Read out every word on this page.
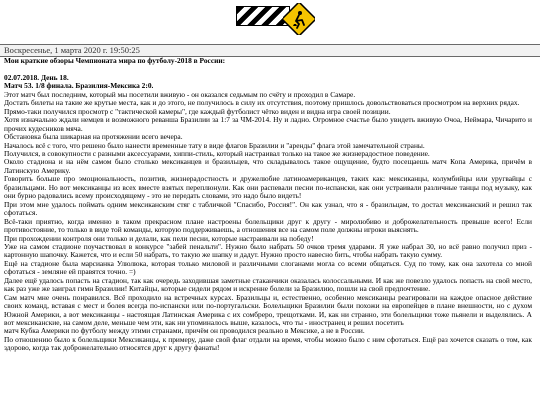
Воскресенье, 1 марта 2020 г. 19:50:25

Мои краткие обзоры Чемпионата мира по футболу-2018 в России:

02.07.2018. День 18.

Матч 53. 1/8 финала. Бразилия-Мексика 2:0.

Этот матч был последним, который мы посетили вживую - он оказался седьмым по счёту и проходил в Самаре.

Достать билеты на такие же крутые места, как и до этого, не получилось в силу их отсутствия, поэтому пришлось довольствоваться просмотром на верхних рядах.

Прямо-таки получился просмотр с "тактической камеры", где каждый футболист чётко виден и видна игра своей позиции.

Хотя изначально ждали немцев и возможного реванша Бразилии за 1:7 за ЧМ-2014. Ну и ладно. Огромное счастье было увидеть вживую Очоа, Неймара, Чичарито и прочих кудесников мяча.

Обстановка была шикарная на протяжении всего вечера.

Началось всё с того, что решено было нанести временные тату в виде флагов Бразилии и "аренды" флага этой замечательной страны.

Получился, в совокупности с разными аксессуарами, хиппи-стиль, который настраивал только на такое же жизнерадостное поведение.

Около стадиона и на нём самом было столько мексиканцев и бразильцев, что складывалось такое ощущение, будто посещаешь матч Копа Америка, причём в Латинскую Америку.

Говорить больше про эмоциональность, позитив, жизнерадостность и дружелюбие латиноамериканцев, таких как: мексиканцы, колумбийцы или уругвайцы с бразильцами. Но вот мексиканцы из всех вместе взятых переплюнули. Как они распевали песни по-испански, как они устраивали различные танцы под музыку, как они бурно радовались всему происходящему - это не передать словами, это надо было видеть!

При этом мне удалось поймать одним мексиканским стяг с табличкой "Спасибо, Россия!". Он как узнал, что я - бразильцам, то достал мексиканский и решил так сфотаться.

Всё-таки приятно, когда именно в таком прекрасном плане настроены болельщики друг к другу - миролюбиво и доброжелательность превыше всего! Если противостояние, то только в виде той команды, которую поддерживаешь, а отношения все на самом поле должны игроки выяснять.

При прохождении контроля они только и делали, как пели песни, которые настраивали на победу!

Уже на самом стадионе поучаствовал в конкурсе "забей пенальти". Нужно было набрать 50 очков тремя ударами. Я уже набрал 30, но всё равно получил приз - картонную шапочку. Кажется, что и если 50 набрать, то такую же шапку и дадут. Нужно просто навесно бить, чтобы набрать такую сумму.

Ещё на стадионе была марсианка Улюлюка, которая только миловой и различными слоганами могла со всеми общаться. Суд по тому, как она захотела со мной сфотаться - земляне ей правятся точно. =)

Далее ещё удалось попасть на стадион, так как очередь заходившая заметные стаканчики оказалась колоссальными. И как же повезло удалось попасть на свой место, как раз уже же заиграл гимн Бразилии! Китайцы, которые сидели рядом и искренне болели за Бразилию, пошли на свой предпочтение.

Сам матч мне очень понравился. Всё проходило на встречных курсах. Бразильцы и, естественно, особенно мексиканцы реагировали на каждое опасное действие своих команд, вставая с мест и болея всегда по-испански или по-португальски. Болельщики Бразилии были похожи на европейцев в плане внешности, но с духом Южной Америки, а вот мексиканцы - настоящая Латинская Америка с их сомбреро, трещотками. И, как ни странно, эти болельщики тоже пьянели и выделялись. А вот мексиканские, на самом деле, меньше чем эти, как ни упоминалось выше, казалось, что ты - иностранец и решил посетить

матч Кубка Америки по футболу между этими странами, причём он проводился реально в Мексике, а не в России.

По отношению было к болельщики Мексиканцы, к примеру, даже свой флаг отдали на время, чтобы можно было с ним сфотаться. Ещё раз хочется сказать о том, как здорово, когда так доброжелательно относятся друг к другу фанаты!
